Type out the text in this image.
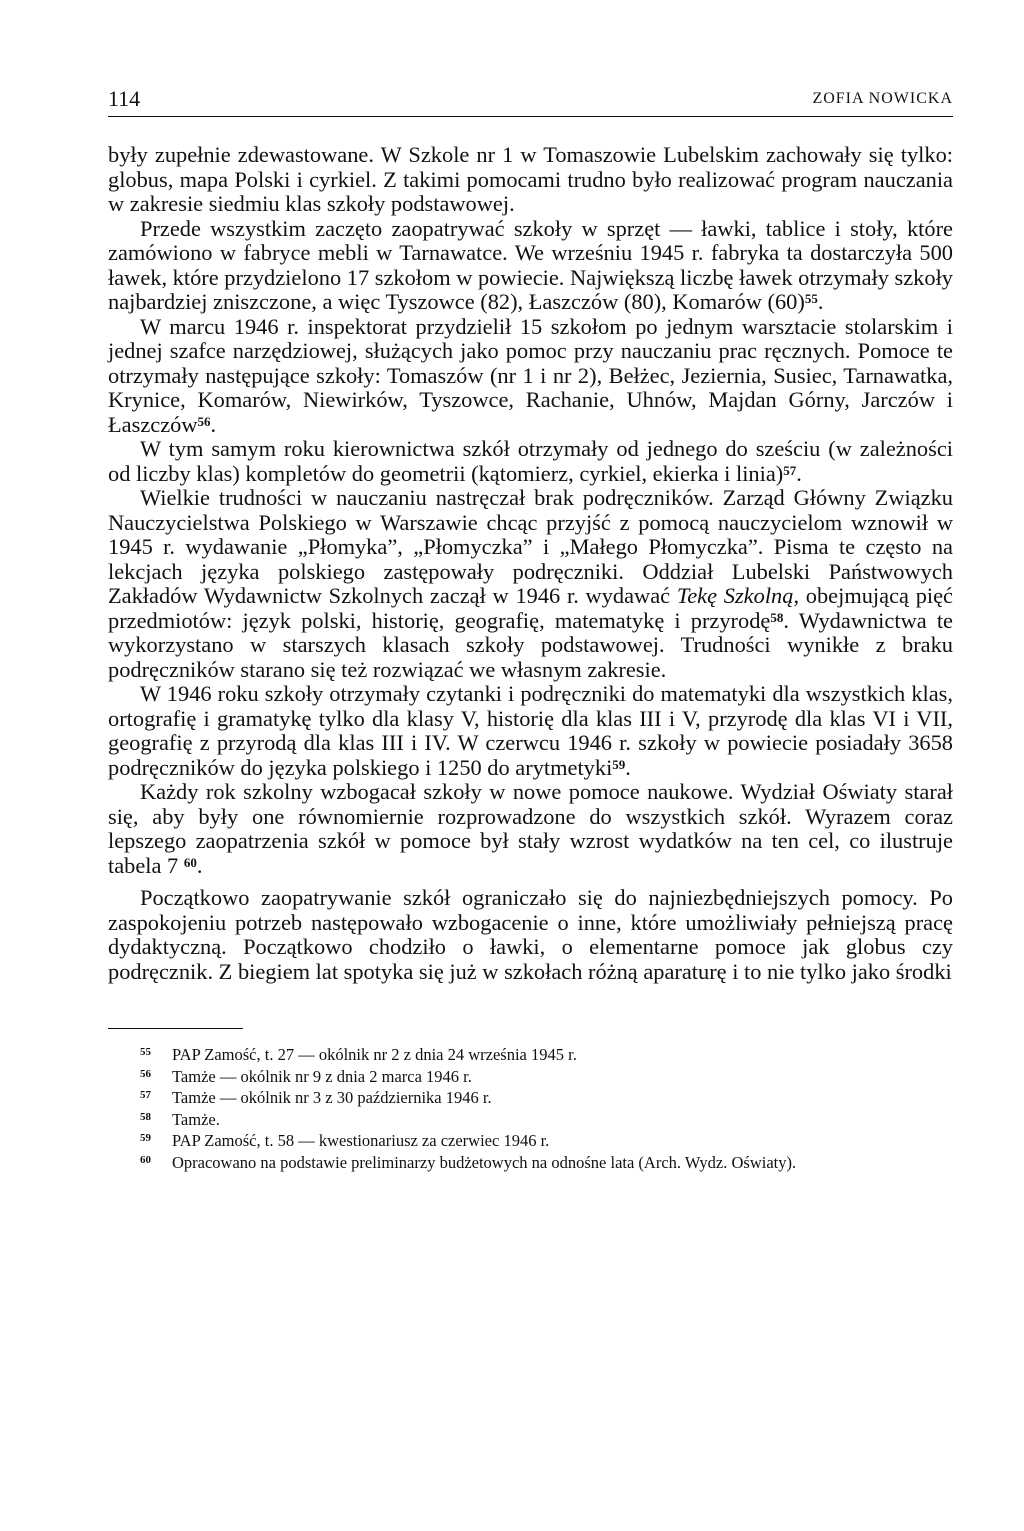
114	ZOFIA NOWICKA

były zupełnie zdewastowane. W Szkole nr 1 w Tomaszowie Lubelskim zachowały się tylko: globus, mapa Polski i cyrkiel. Z takimi pomocami trudno było realizować program nauczania w zakresie siedmiu klas szkoły podstawowej.

Przede wszystkim zaczęto zaopatrywać szkoły w sprzęt — ławki, tablice i stoły, które zamówiono w fabryce mebli w Tarnawatce. We wrześniu 1945 r. fabryka ta dostarczyła 500 ławek, które przydzielono 17 szkołom w powiecie. Największą liczbę ławek otrzymały szkoły najbardziej zniszczone, a więc Tyszowce (82), Łaszczów (80), Komarów $(60)^{55}$.

W marcu 1946 r. inspektorat przydzielił 15 szkołom po jednym warsztacie stolarskim i jednej szafce narzędziowej, służących jako pomoc przy nauczaniu prac ręcznych. Pomoce te otrzymały następujące szkoły: Tomaszów (nr 1 i nr 2), Bełżec, Jeziernia, Susiec, Tarnawatka, Krynice, Komarów, Niewirków, Tyszowce, Rachanie, Uhnów, Majdan Górny, Jarczów i Łaszczów$^{56}$.

W tym samym roku kierownictwa szkół otrzymały od jednego do sześciu (w zależności od liczby klas) kompletów do geometrii (kątomierz, cyrkiel, ekierka i linia)$^{57}$.

Wielkie trudności w nauczaniu nastręczał brak podręczników. Zarząd Główny Związku Nauczycielstwa Polskiego w Warszawie chcąc przyjść z pomocą nauczycielom wznowił w 1945 r. wydawanie „Płomyka”, „Płomyczka” i „Małego Płomyczka”. Pisma te często na lekcjach języka polskiego zastępowały podręczniki. Oddział Lubelski Państwowych Zakładów Wydawnictw Szkolnych zaczął w 1946 r. wydawać Tekę Szkolną, obejmującą pięć przedmiotów: język polski, historię, geografię, matematykę i przyrodę$^{58}$. Wydawnictwa te wykorzystano w starszych klasach szkoły podstawowej. Trudności wynikłe z braku podręczników starano się też rozwiązać we własnym zakresie.

W 1946 roku szkoły otrzymały czytanki i podręczniki do matematyki dla wszystkich klas, ortografię i gramatykę tylko dla klasy V, historię dla klas III i V, przyrodę dla klas VI i VII, geografię z przyrodą dla klas III i IV. W czerwcu 1946 r. szkoły w powiecie posiadały 3658 podręczników do języka polskiego i 1250 do arytmetyki$^{59}$.

Każdy rok szkolny wzbogacał szkoły w nowe pomoce naukowe. Wydział Oświaty starał się, aby były one równomiernie rozprowadzone do wszystkich szkół. Wyrazem coraz lepszego zaopatrzenia szkół w pomoce był stały wzrost wydatków na ten cel, co ilustruje tabela 7 $^{60}$.

Początkowo zaopatrywanie szkół ograniczało się do najniezbędniejszych pomocy. Po zaspokojeniu potrzeb następowało wzbogacenie o inne, które umożliwiały pełniejszą pracę dydaktyczną. Początkowo chodziło o ławki, o elementarne pomoce jak globus czy podręcznik. Z biegiem lat spotyka się już w szkołach różną aparaturę i to nie tylko jako środki

55 PAP Zamość, t. 27 — okólnik nr 2 z dnia 24 września 1945 r.

56 Tamże — okólnik nr 9 z dnia 2 marca 1946 r.

57 Tamże — okólnik nr 3 z 30 października 1946 r.

58 Tamże.

59 PAP Zamość, t. 58 — kwestionariusz za czerwiec 1946 r.

60 Opracowano na podstawie preliminarzy budżetowych na odnośne lata (Arch. Wydz. Oświaty).
